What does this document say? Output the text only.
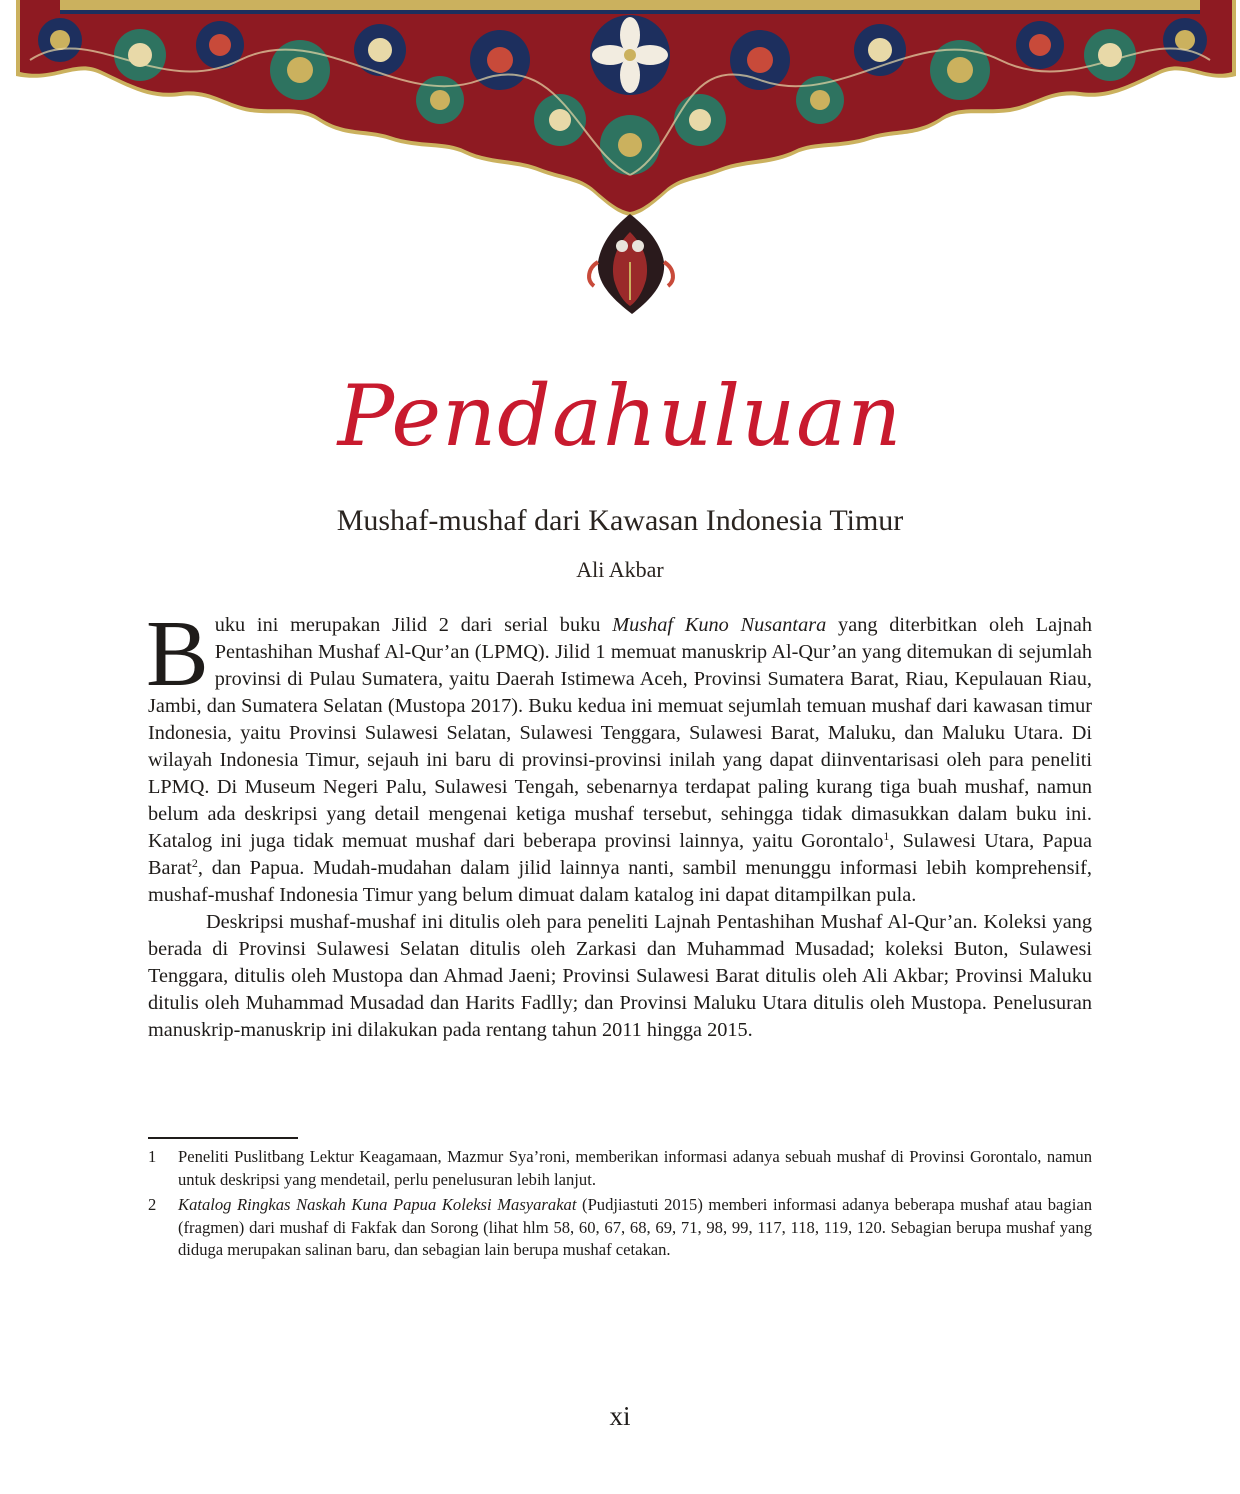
Pendahuluan
Mushaf-mushaf dari Kawasan Indonesia Timur
Ali Akbar

Buku ini merupakan Jilid 2 dari serial buku Mushaf Kuno Nusantara yang diterbitkan oleh Lajnah Pentashihan Mushaf Al-Qur’an (LPMQ). Jilid 1 memuat manuskrip Al-Qur’an yang ditemukan di sejumlah provinsi di Pulau Sumatera, yaitu Daerah Istimewa Aceh, Provinsi Sumatera Barat, Riau, Kepulauan Riau, Jambi, dan Sumatera Selatan (Mustopa 2017). Buku kedua ini memuat sejumlah temuan mushaf dari kawasan timur Indonesia, yaitu Provinsi Sulawesi Selatan, Sulawesi Tenggara, Sulawesi Barat, Maluku, dan Maluku Utara. Di wilayah Indonesia Timur, sejauh ini baru di provinsi-provinsi inilah yang dapat diinventarisasi oleh para peneliti LPMQ. Di Museum Negeri Palu, Sulawesi Tengah, sebenarnya terdapat paling kurang tiga buah mushaf, namun belum ada deskripsi yang detail mengenai ketiga mushaf tersebut, sehingga tidak dimasukkan dalam buku ini. Katalog ini juga tidak memuat mushaf dari beberapa provinsi lainnya, yaitu Gorontalo$^1$, Sulawesi Utara, Papua Barat$^2$, dan Papua. Mudah-mudahan dalam jilid lainnya nanti, sambil menunggu informasi lebih komprehensif, mushaf-mushaf Indonesia Timur yang belum dimuat dalam katalog ini dapat ditampilkan pula.

Deskripsi mushaf-mushaf ini ditulis oleh para peneliti Lajnah Pentashihan Mushaf Al-Qur’an. Koleksi yang berada di Provinsi Sulawesi Selatan ditulis oleh Zarkasi dan Muhammad Musadad; koleksi Buton, Sulawesi Tenggara, ditulis oleh Mustopa dan Ahmad Jaeni; Provinsi Sulawesi Barat ditulis oleh Ali Akbar; Provinsi Maluku ditulis oleh Muhammad Musadad dan Harits Fadlly; dan Provinsi Maluku Utara ditulis oleh Mustopa. Penelusuran manuskrip-manuskrip ini dilakukan pada rentang tahun 2011 hingga 2015.

1 Peneliti Puslitbang Lektur Keagamaan, Mazmur Sya’roni, memberikan informasi adanya sebuah mushaf di Provinsi Gorontalo, namun untuk deskripsi yang mendetail, perlu penelusuran lebih lanjut.
2 Katalog Ringkas Naskah Kuna Papua Koleksi Masyarakat (Pudjiastuti 2015) memberi informasi adanya beberapa mushaf atau bagian (fragmen) dari mushaf di Fakfak dan Sorong (lihat hlm 58, 60, 67, 68, 69, 71, 98, 99, 117, 118, 119, 120. Sebagian berupa mushaf yang diduga merupakan salinan baru, dan sebagian lain berupa mushaf cetakan.
xi
